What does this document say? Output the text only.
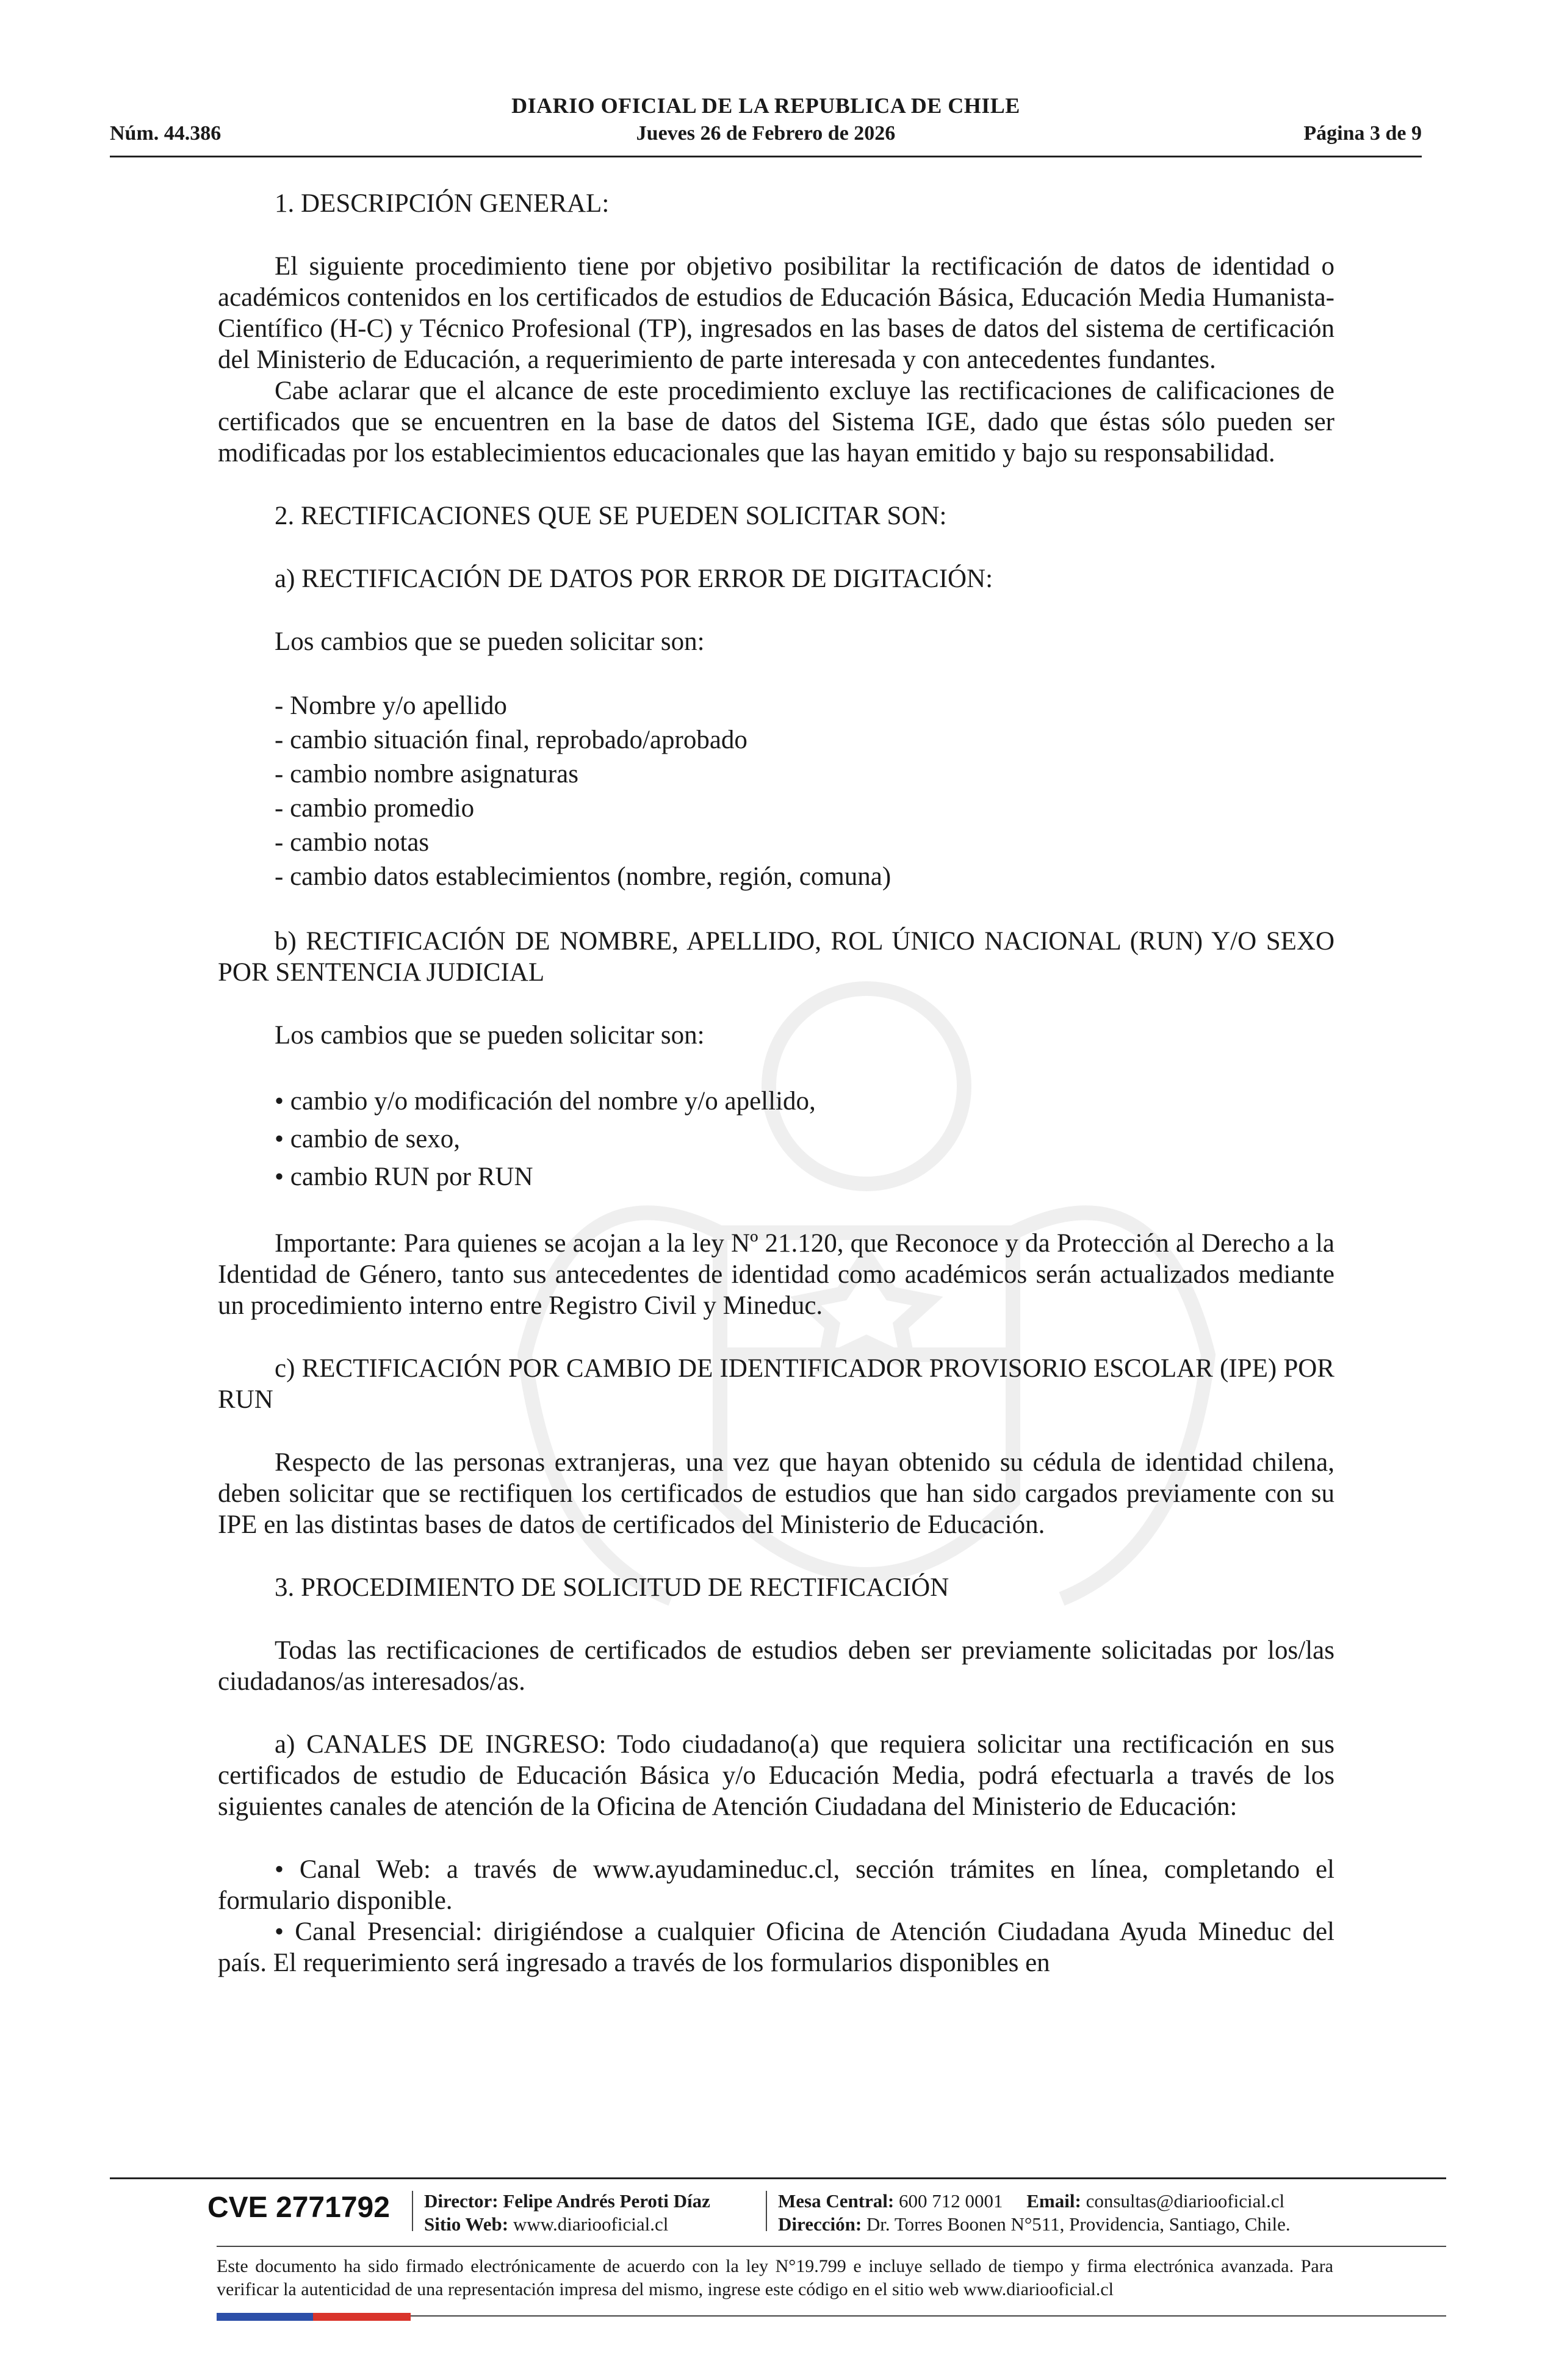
DIARIO OFICIAL DE LA REPUBLICA DE CHILE
Núm. 44.386	Jueves 26 de Febrero de 2026	Página 3 de 9

1. DESCRIPCIÓN GENERAL:

El siguiente procedimiento tiene por objetivo posibilitar la rectificación de datos de identidad o académicos contenidos en los certificados de estudios de Educación Básica, Educación Media Humanista-Científico (H-C) y Técnico Profesional (TP), ingresados en las bases de datos del sistema de certificación del Ministerio de Educación, a requerimiento de parte interesada y con antecedentes fundantes.

Cabe aclarar que el alcance de este procedimiento excluye las rectificaciones de calificaciones de certificados que se encuentren en la base de datos del Sistema IGE, dado que éstas sólo pueden ser modificadas por los establecimientos educacionales que las hayan emitido y bajo su responsabilidad.

2. RECTIFICACIONES QUE SE PUEDEN SOLICITAR SON:

a) RECTIFICACIÓN DE DATOS POR ERROR DE DIGITACIÓN:

Los cambios que se pueden solicitar son:

- Nombre y/o apellido
- cambio situación final, reprobado/aprobado
- cambio nombre asignaturas
- cambio promedio
- cambio notas
- cambio datos establecimientos (nombre, región, comuna)

b) RECTIFICACIÓN DE NOMBRE, APELLIDO, ROL ÚNICO NACIONAL (RUN) Y/O SEXO POR SENTENCIA JUDICIAL

Los cambios que se pueden solicitar son:

• cambio y/o modificación del nombre y/o apellido,
• cambio de sexo,
• cambio RUN por RUN

Importante: Para quienes se acojan a la ley Nº 21.120, que Reconoce y da Protección al Derecho a la Identidad de Género, tanto sus antecedentes de identidad como académicos serán actualizados mediante un procedimiento interno entre Registro Civil y Mineduc.

c) RECTIFICACIÓN POR CAMBIO DE IDENTIFICADOR PROVISORIO ESCOLAR (IPE) POR RUN

Respecto de las personas extranjeras, una vez que hayan obtenido su cédula de identidad chilena, deben solicitar que se rectifiquen los certificados de estudios que han sido cargados previamente con su IPE en las distintas bases de datos de certificados del Ministerio de Educación.

3. PROCEDIMIENTO DE SOLICITUD DE RECTIFICACIÓN

Todas las rectificaciones de certificados de estudios deben ser previamente solicitadas por los/las ciudadanos/as interesados/as.

a) CANALES DE INGRESO: Todo ciudadano(a) que requiera solicitar una rectificación en sus certificados de estudio de Educación Básica y/o Educación Media, podrá efectuarla a través de los siguientes canales de atención de la Oficina de Atención Ciudadana del Ministerio de Educación:

• Canal Web: a través de www.ayudamineduc.cl, sección trámites en línea, completando el formulario disponible.

• Canal Presencial: dirigiéndose a cualquier Oficina de Atención Ciudadana Ayuda Mineduc del país. El requerimiento será ingresado a través de los formularios disponibles en

CVE 2771792 Director: Felipe Andrés Peroti Díaz
Sitio Web: www.diariooficial.cl
Mesa Central: 600 712 0001 Email: consultas@diariooficial.cl
Dirección: Dr. Torres Boonen N°511, Providencia, Santiago, Chile.
Este documento ha sido firmado electrónicamente de acuerdo con la ley N°19.799 e incluye sellado de tiempo y firma electrónica avanzada. Para verificar la autenticidad de una representación impresa del mismo, ingrese este código en el sitio web www.diariooficial.cl
